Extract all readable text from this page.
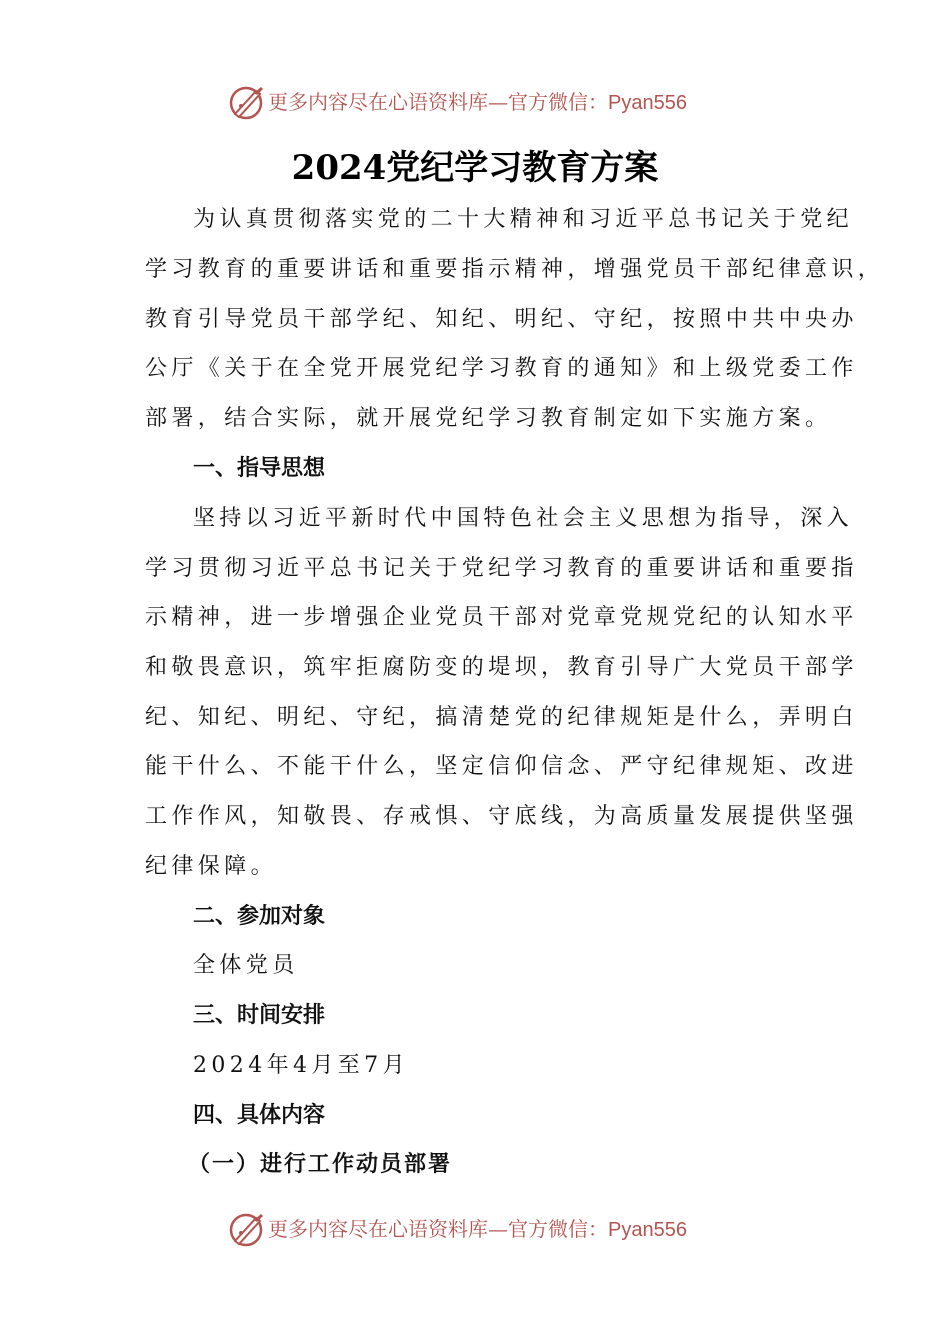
更多内容尽在心语资料库—官方微信：Pyan556
2024党纪学习教育方案

为认真贯彻落实党的二十大精神和习近平总书记关于党纪

学习教育的重要讲话和重要指示精神，增强党员干部纪律意识，

教育引导党员干部学纪、知纪、明纪、守纪，按照中共中央办

公厅《关于在全党开展党纪学习教育的通知》和上级党委工作

部署，结合实际，就开展党纪学习教育制定如下实施方案。

一、指导思想

坚持以习近平新时代中国特色社会主义思想为指导，深入

学习贯彻习近平总书记关于党纪学习教育的重要讲话和重要指

示精神，进一步增强企业党员干部对党章党规党纪的认知水平

和敬畏意识，筑牢拒腐防变的堤坝，教育引导广大党员干部学

纪、知纪、明纪、守纪，搞清楚党的纪律规矩是什么，弄明白

能干什么、不能干什么，坚定信仰信念、严守纪律规矩、改进

工作作风，知敬畏、存戒惧、守底线，为高质量发展提供坚强

纪律保障。

二、参加对象

全体党员

三、时间安排

2024年4月至7月

四、具体内容

（一）进行工作动员部署

更多内容尽在心语资料库—官方微信：Pyan556
